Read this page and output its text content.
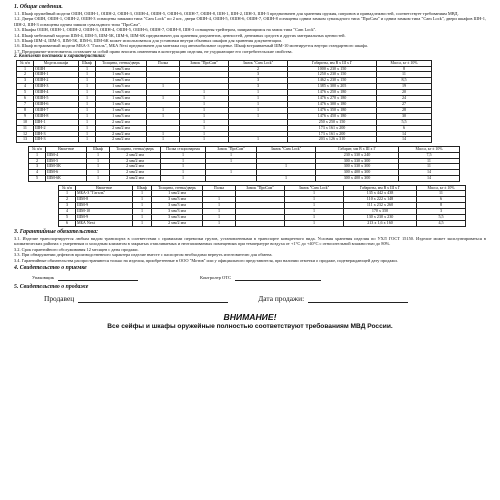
1. Общие сведения.

1.1. Шкаф оружейный модели ОШН, ОШН-1, ОШН-2, ОШН-3, ОШН-4, ОШН-5, ОШН-6, ОШН-7, ОШН-8, ШН-1, ШН-2, ШН-3, ШН-3 предназначен для хранения оружия, патронов и принадлежностей, соответствует требованиям МВД.

1.2. Двери ОШН, ОШН-1, ОШН-2, ОШН-3 оснащены замками типа "Cam Lock" по 2 шт., двери ОШН-4, ОШН-5, ОШН-6, ОШН-7, ОШН-8 оснащены одним замком сувальдного типа "ПроСам" и одним замком типа "Cam Lock", двери шкафов ШН-1, ШН-2, ШН-3 оснащены одним замком сувальдного типа "ПроСам".

1.3. Шкафы ОШН, ОШН-1, ОШН-2, ОШН-3, ОШН-4, ОШН-5, ОШН-6, ОШН-7, ОШН-8, ШН-3 оснащены трейзером, запирающимся на замок типа "Cam Lock".

1.4. Шкаф мебельный модели ШМ-4, ШМ-5, ШМ-5К, ШМ-6, ШМ-6К предназначен для хранения документов, ценностей, денежных средств и других материальных ценностей.

1.5. Шкаф ШМ-4, ШМ-5, ШМ-5К, ШМ-6, ШМ-6К может использоваться для установки внутри обычных шкафов для хранения документации.

1.6. Шкаф встраиваемый модели МБА-3 "Гагаль", МБА Next предназначен для монтажа под автомобильное сиденье. Шкаф встраиваемый ШМ-10 монтируется внутри стандартного шкафа.

1.7. Предприятие-изготовитель оставляет за собой право вносить изменения в конструкцию изделия, не ухудшающие его потребительские свойства.

2. Комплект поставки и характеристики:
№ п/п	Модель шкафа	Шкаф	Толщина, стенка/дверь	Полка	Замок "ПроСам"	Замок "Cam Lock"	Габариты, мм В х Ш х Г	Масса, кг ± 10%
1	ОШН	1	1 мм/3 мм			2	1000 х 230 х 150	8
2	ОШН-1	1	1 мм/3 мм			3	1250 х 230 х 150	11
3	ОШН-2	1	1 мм/3 мм			3	1462 х 230 х 150	8,5
4	ОШН-3	1	1 мм/3 мм	1		3	1385 х 300 х 205	19
5	ОШН-4	1	1 мм/3 мм		1	1	1476 х 250 х 180	20
6	ОШН-5	1	1 мм/3 мм	1	1	1	1476 х 270 х 180	24
7	ОШН-6	1	1 мм/3 мм		1	1	1476 х 300 х 180	27
8	ОШН-7	1	1 мм/3 мм	1	1	1	1476 х 350 х 180	28
9	ОШН-8	1	1 мм/3 мм	1	1	1	1476 х 450 х 180	30
10	ШН-1	1	2 мм/2 мм		1		250 х 250 х 150	5,5
11	ШН-2	1	2 мм/2 мм		1		173 х 161 х 200	6
12	ШН-3	1	2 мм/2 мм	1	1		173 х 161 х 200	14
13	ШН-3	1	2 мм/2 мм	1	1	1	203 х 126 х 310	14
№ п/п	Наим-ние	Шкаф	Толщина, стенка/дверь	Полка стационарная	Замок "ПроСам"	Замок "Cam Lock"	Габарит, мм В х Ш х Г	Масса, кг ± 10%
1	ШМ-4	1	2 мм/2 мм	1	1		230 х 330 х 240	7,5
2	ШМ-5	1	2 мм/2 мм	1	1		300 х 330 х 300	11
3	ШМ-5К	1	2 мм/2 мм	1		1	300 х 330 х 300	11
4	ШМ-6	1	2 мм/2 мм	1	1		300 х 400 х 300	14
5	ШМ-6К	1	2 мм/2 мм	1		1	300 х 400 х 300	14
№ п/п	Наим-ние	Шкаф	Толщина, стенка/дверь	Полка	Замок "ПроСам"	Замок "Cam Lock"	Габариты, мм В х Ш х Г	Масса, кг ± 10%
1	МБА-3 "Гагаль"	1	1 мм/2 мм			1	135 х 442 х 438	11
2	ШМ-8	1	3 мм/3 мм	1		1	110 х 222 х 148	6
3	ШМ-9	1	3 мм/3 мм	1		1	111 х 232 х 260	8
4	ШМ-10	1	3 мм/3 мм	1		1	170 х 350	3
5	ШМ-9	1	3 мм/3 мм	1		1	130 х 230 х 230	5,5
6	МБА Next	1	2 мм/2 мм	1		1	213 х 1,6 х 160	4,5
3. Гарантийные обязательства:

3.1. Изделие транспортируется любым видом транспорта в соответствии с правилами перевозки грузов, установленными в транспорте конкретного вида. Условия хранения изделия по УХЛ ГОСТ 15150. Изделие может эксплуатироваться в климатических районах с умеренным и холодным климатом в закрытых отапливаемых и неотапливаемых помещениях при температуре воздуха от +1°С до +40°С с относительной влажностью до 80%.

3.2. Срок гарантийного обслуживания 12 месяцев с даты продажи.

3.3. При обнаружении дефектов производственного характера изделие вместе с паспортом необходимо вернуть изготовителю для обмена.

3.4. Гарантийные обязательства распространяются только на изделия, приобретенные в ООО "Мотив" или у официального представителя, при наличии отметки о продаже, подтверждающей дату продажи.

4. Свидетельство о приемке
Упаковщик	Контролер ОТС
5. Свидетельство о продаже
Продавец	Дата продажи:
ВНИМАНИЕ!
Все сейфы и шкафы оружейные полностью соответствуют требованиям МВД России.
